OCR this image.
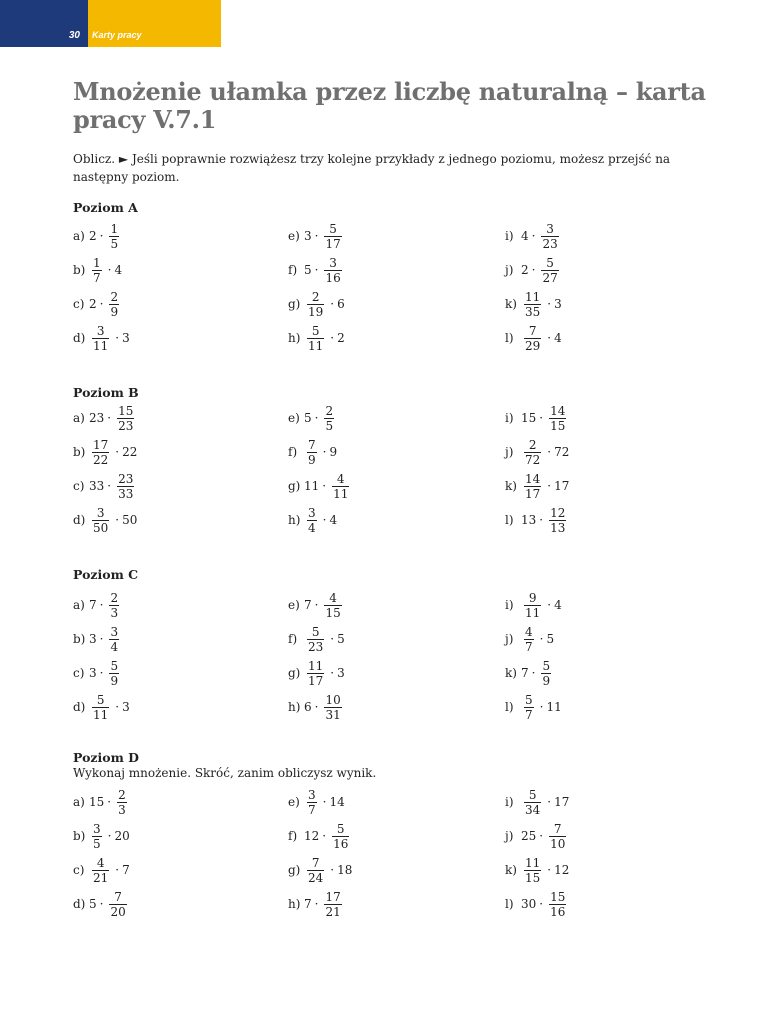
30 Karty pracy
Mnożenie ułamka przez liczbę naturalną – karta pracy V.7.1

Oblicz. ► Jeśli poprawnie rozwiążesz trzy kolejne przykłady z jednego poziomu, możesz przejść na następny poziom.

Poziom A
a) $2 \cdot \frac{1}{5}$
$b) \frac{1}{7} \cdot 4$
c) $2 \cdot \frac{2}{9}$
$d) \frac{3}{11} \cdot 3$
e) $3 \cdot \frac{5}{17}$
f) $5 \cdot \frac{3}{16}$
$g) \frac{2}{19} \cdot 6$
$h) \frac{5}{11} \cdot 2$
i) $4 \cdot \frac{3}{23}$
j) $2 \cdot \frac{5}{27}$
$k) \frac{11}{35} \cdot 3$
$l) \frac{7}{29} \cdot 4$
Poziom B
a) $23 \cdot \frac{15}{23}$
$b) \frac{17}{22} \cdot 22$
c) $33 \cdot \frac{23}{33}$
$d) \frac{3}{50} \cdot 50$
e) $5 \cdot \frac{2}{5}$
$f) \frac{7}{9} \cdot 9$
g) $11 \cdot \frac{4}{11}$
$h) \frac{3}{4} \cdot 4$
i) $15 \cdot \frac{14}{15}$
$j) \frac{2}{72} \cdot 72$
$k) \frac{14}{17} \cdot 17$
l) $13 \cdot \frac{12}{13}$
Poziom C
a) $7 \cdot \frac{2}{3}$
b) $3 \cdot \frac{3}{4}$
c) $3 \cdot \frac{5}{9}$
$d) \frac{5}{11} \cdot 3$
e) $7 \cdot \frac{4}{15}$
$f) \frac{5}{23} \cdot 5$
$g) \frac{11}{17} \cdot 3$
h) $6 \cdot \frac{10}{31}$
$i) \frac{9}{11} \cdot 4$
$j) \frac{4}{7} \cdot 5$
k) $7 \cdot \frac{5}{9}$
$l) \frac{5}{7} \cdot 11$
Poziom D

Wykonaj mnożenie. Skróć, zanim obliczysz wynik.

a) $15 \cdot \frac{2}{3}$
$b) \frac{3}{5} \cdot 20$
$c) \frac{4}{21} \cdot 7$
d) $5 \cdot \frac{7}{20}$
$e) \frac{3}{7} \cdot 14$
f) $12 \cdot \frac{5}{16}$
$g) \frac{7}{24} \cdot 18$
h) $7 \cdot \frac{17}{21}$
$i) \frac{5}{34} \cdot 17$
j) $25 \cdot \frac{7}{10}$
$k) \frac{11}{15} \cdot 12$
l) $30 \cdot \frac{15}{16}$
